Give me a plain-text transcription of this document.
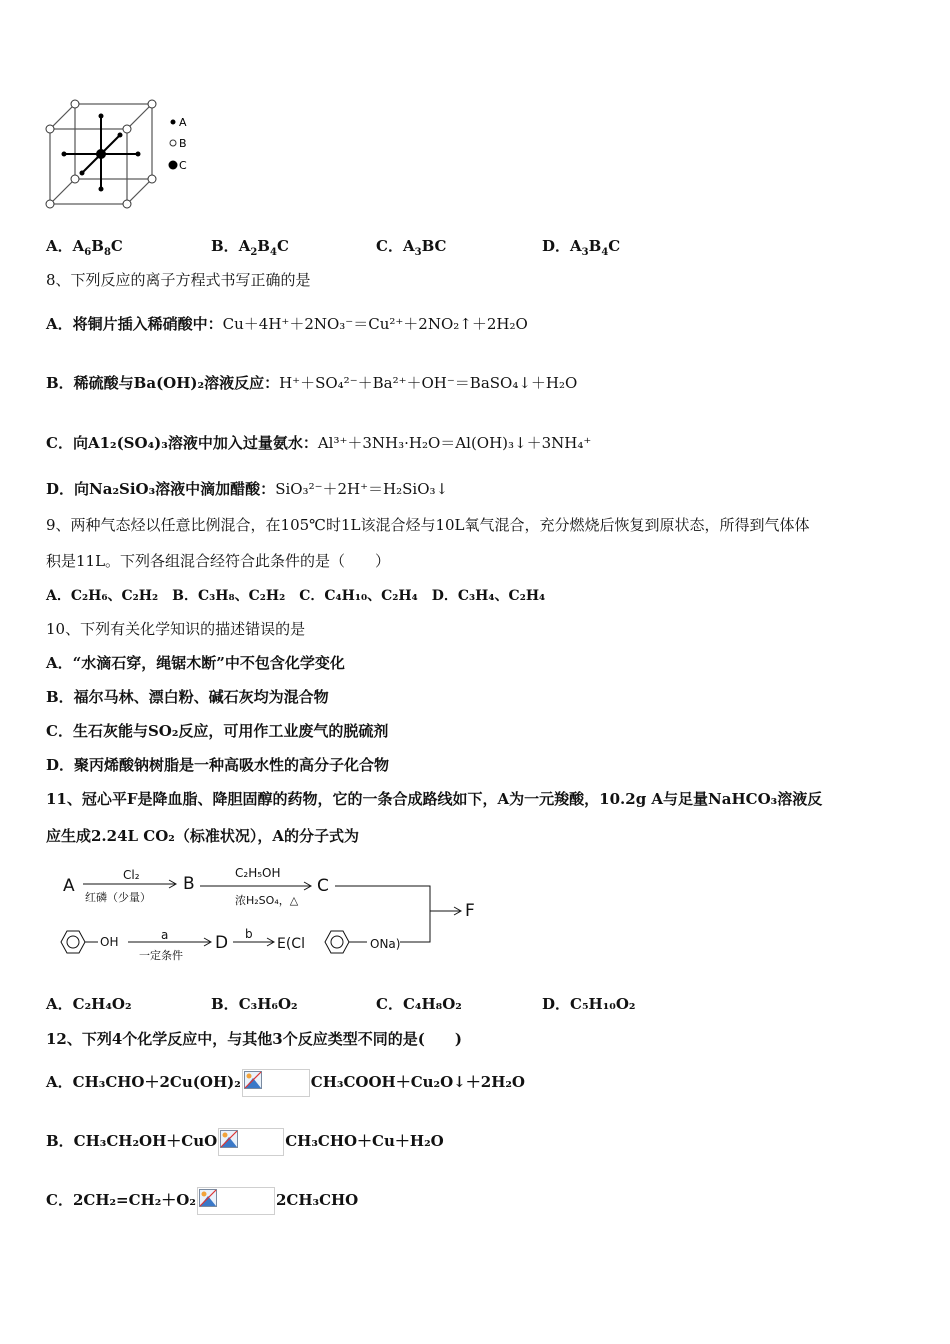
A
B
C
A．$A_6B_8C$	B．$A_2B_4C$	C．$A_3BC$	D．$A_3B_4C$
8、下列反应的离子方程式书写正确的是
A．将铜片插入稀硝酸中：Cu＋4H⁺＋2NO₃⁻＝Cu²⁺＋2NO₂↑＋2H₂O
B．稀硫酸与Ba(OH)₂溶液反应：H⁺＋SO₄²⁻＋Ba²⁺＋OH⁻＝BaSO₄↓＋H₂O
C．向A1₂(SO₄)₃溶液中加入过量氨水：Al³⁺＋3NH₃·H₂O＝Al(OH)₃↓＋3NH₄⁺
D．向Na₂SiO₃溶液中滴加醋酸：SiO₃²⁻＋2H⁺＝H₂SiO₃↓
9、两种气态烃以任意比例混合，在105℃时1L该混合烃与10L氧气混合，充分燃烧后恢复到原状态，所得到气体体
积是11L。下列各组混合经符合此条件的是（　　）
A．C₂H₆、C₂H₂　B．C₃H₈、C₂H₂　C．C₄H₁₀、C₂H₄　D．C₃H₄、C₂H₄
10、下列有关化学知识的描述错误的是
A．“水滴石穿，绳锯木断”中不包含化学变化
B．福尔马林、漂白粉、碱石灰均为混合物
C．生石灰能与SO₂反应，可用作工业废气的脱硫剂
D．聚丙烯酸钠树脂是一种高吸水性的高分子化合物
11、冠心平F是降血脂、降胆固醇的药物，它的一条合成路线如下，A为一元羧酸，10.2g A与足量NaHCO₃溶液反
应生成2.24L CO₂（标准状况），A的分子式为
A	B	C
D
F
Cl₂
红磷（少量）
C₂H₅OH
浓H₂SO₄，△
OH	a
一定条件
b
E(Cl	ONa)
A．C₂H₄O₂	B．C₃H₆O₂	C．C₄H₈O₂	D．C₅H₁₀O₂
12、下列4个化学反应中，与其他3个反应类型不同的是(　　)
A．CH₃CHO＋2Cu(OH)₂	CH₃COOH＋Cu₂O↓＋2H₂O
B．CH₃CH₂OH＋CuO	CH₃CHO＋Cu＋H₂O
C．2CH₂=CH₂＋O₂	2CH₃CHO
